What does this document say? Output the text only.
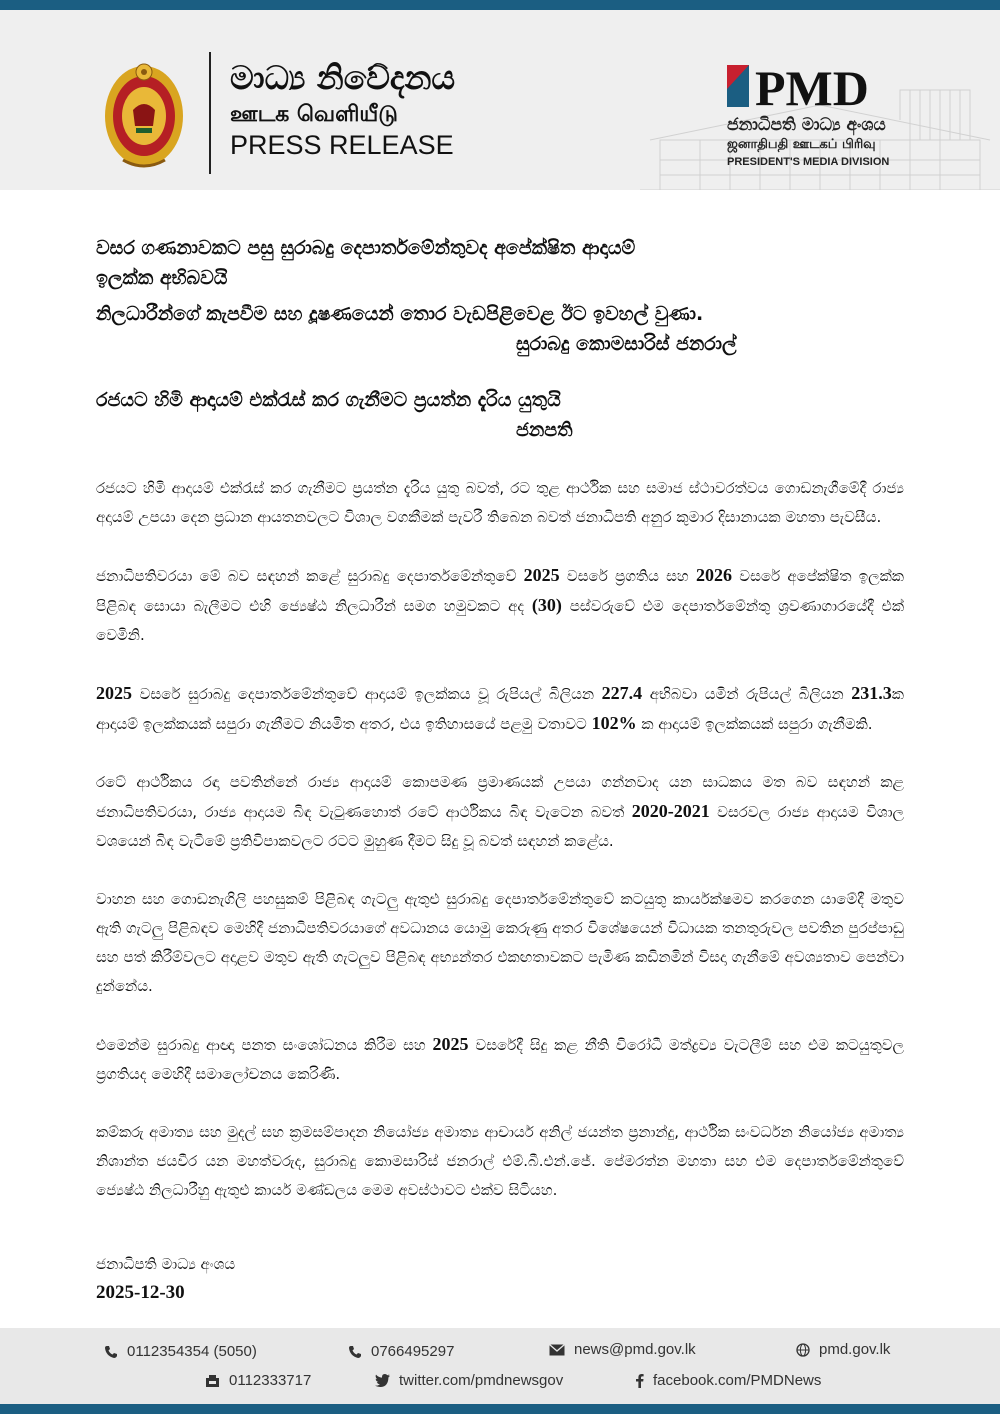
මාධ්‍ය නිවේදනය
ஊடக வெளியீடு
PRESS RELEASE
PMD
ජනාධිපති මාධ්‍ය අංශය
ஜனாதிபதி ஊடகப் பிரிவு
PRESIDENT'S MEDIA DIVISION

වසර ගණනාවකට පසු සුරාබදු දෙපාර්තමේන්තුවද අපේක්ෂිත ආදායම්

ඉලක්ක අභිබවයි

නිලධාරීන්ගේ කැපවීම සහ දූෂණයෙන් තොර වැඩපිළිවෙළ ඊට ඉවහල් වුණා.

සුරාබදු කොමසාරිස් ජනරාල්

රජයට හිමි ආදායම් එක්රැස් කර ගැනීමට ප්‍රයත්න දැරිය යුතුයි

ජනපති

රජයට හිමි ආදායම් එක්රැස් කර ගැනීමට ප්‍රයත්න දැරිය යුතු බවත්, රට තුළ ආර්ථික සහ සමාජ ස්ථාවරත්වය ගොඩනැගීමේදී රාජ්‍ය අදායම් උපයා දෙන ප්‍රධාන ආයතනවලට විශාල වගකීමක් පැවරී තිබෙන බවත් ජනාධිපති අනුර කුමාර දිසානායක මහතා පැවසීය.

ජනාධිපතිවරයා මේ බව සඳහන් කළේ සුරාබදු දෙපාර්තමේන්තුවේ 2025 වසරේ ප්‍රගතිය සහ 2026 වසරේ අපේක්ෂිත ඉලක්ක පිළිබඳ සොයා බැලීමට එහි ජ්‍යෙෂ්ඨ නිලධාරීන් සමග හමුවකට අද (30) පස්වරුවේ එම දෙපාර්තමේන්තු ශ්‍රවණාගාරයේදී එක් වෙමිනි.

2025 වසරේ සුරාබදු දෙපාර්තමේන්තුවේ ආදායම් ඉලක්කය වූ රුපියල් බිලියන 227.4 අභිබවා යමින් රුපියල් බිලියන 231.3ක ආදායම් ඉලක්කයක් සපුරා ගැනීමට නියමිත අතර, එය ඉතිහාසයේ පළමු වතාවට 102% ක ආදායම් ඉලක්කයක් සපුරා ගැනීමකි.

රටේ ආර්ථිකය රඳා පවතින්නේ රාජ්‍ය ආදායම් කොපමණ ප්‍රමාණයක් උපයා ගන්නවාද යන සාධකය මත බව සඳහන් කළ ජනාධිපතිවරයා, රාජ්‍ය ආදායම බිඳ වැටුණහොත් රටේ ආර්ථිකය බිඳ වැටෙන බවත් 2020-2021 වසරවල රාජ්‍ය ආදායම විශාල වශයෙන් බිඳ වැටීමේ ප්‍රතිවිපාකවලට රටට මුහුණ දීමට සිදු වූ බවත් සඳහන් කළේය.

වාහන සහ ගොඩනැගිලි පහසුකම් පිළිබඳ ගැටලු ඇතුළු සුරාබදු දෙපාර්තමේන්තුවේ කටයුතු කාර්යක්ෂමව කරගෙන යාමේදී මතුව ඇති ගැටලු පිළිබඳව මෙහිදී ජනාධිපතිවරයාගේ අවධානය යොමු කෙරුණු අතර විශේෂයෙන් විධායක තනතුරුවල පවතින පුරප්පාඩු සහ පත් කිරීම්වලට අදාළව මතුව ඇති ගැටලුව පිළිබඳ අභ්‍යන්තර එකඟතාවකට පැමිණ කඩිනමින් විසදා ගැනීමේ අවශ්‍යතාව පෙන්වා දුන්නේය.

එමෙන්ම සුරාබදු ආඥා පනත සංශෝධනය කිරීම සහ 2025 වසරේදී සිදු කළ නීති විරෝධී මත්ද්‍රව්‍ය වැටලීම් සහ එම කටයුතුවල ප්‍රගතියද මෙහිදී සමාලෝචනය කෙරිණි.

කම්කරු අමාත්‍ය සහ මුදල් සහ ක්‍රමසම්පාදන නියෝජ්‍ය අමාත්‍ය ආචාර්ය අනිල් ජයන්ත ප්‍රනාන්දු, ආර්ථික සංවර්ධන නියෝජ්‍ය අමාත්‍ය නිශාන්ත ජයවීර යන මහත්වරුද, සුරාබදු කොමසාරිස් ජනරාල් එම්.බී.එන්.ජේ. පේමරත්න මහතා සහ එම දෙපාර්තමේන්තුවේ ජ්‍යෙෂ්ඨ නිලධාරීහු ඇතුළු කාර්ය මණ්ඩලය මෙම අවස්ථාවට එක්ව සිටියහ.

ජනාධිපති මාධ්‍ය අංශය
2025-12-30
0112354354 (5050)	0766495297	news@pmd.gov.lk	pmd.gov.lk
0112333717	twitter.com/pmdnewsgov	facebook.com/PMDNews
